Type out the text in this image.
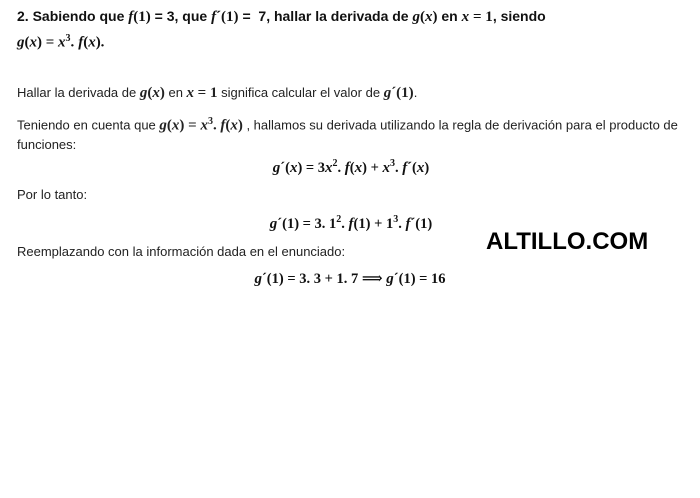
2. Sabiendo que f(1) = 3, que f´(1) =  7, hallar la derivada de g(x) en x = 1, siendo
$g(x) = x^3$. f(x).

Hallar la derivada de g(x) en x = 1 significa calcular el valor de g´(1).

Teniendo en cuenta que $g(x) = x^3$. f(x) , hallamos su derivada utilizando la regla de derivación para el producto de funciones:

g´(x) = $3x^2$. $f(x) + x^3$. f´(x)

Por lo tanto:

g´(1) = 3. $1^2$. $f(1) + 1^3$. f´(1)

Reemplazando con la información dada en el enunciado:

g´(1) = 3. 3 + 1. 7 ⟹ g´(1) = 16
ALTILLO.COM
